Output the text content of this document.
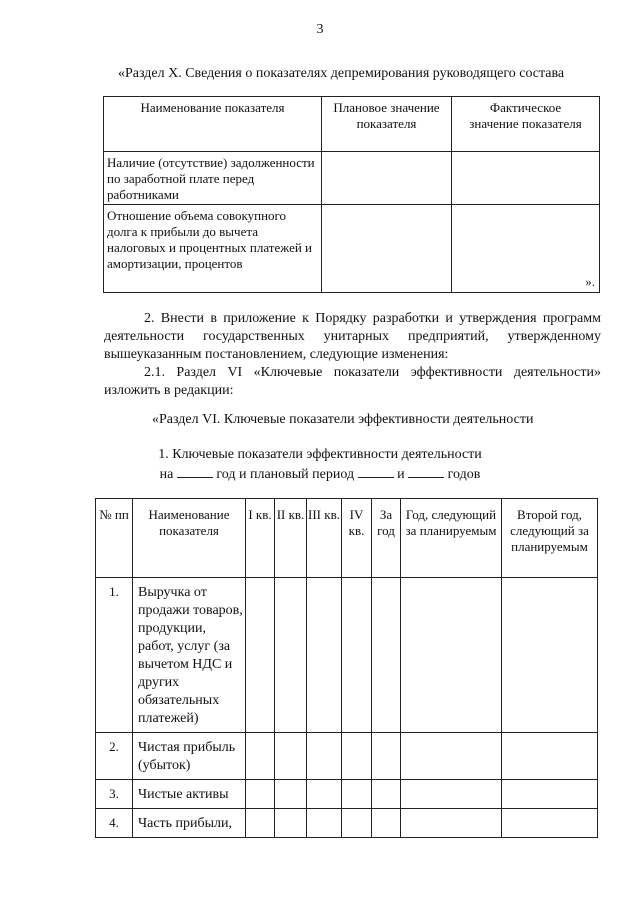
3
«Раздел X. Сведения о показателях депремирования руководящего состава
Наименование показателя	Плановое значение показателя	Фактическое значение показателя
Наличие (отсутствие) задолженности по заработной плате перед работниками		
Отношение объема совокупного долга к прибыли до вычета налоговых и процентных платежей и амортизации, процентов		».

2. Внести в приложение к Порядку разработки и утверждения программ деятельности государственных унитарных предприятий, утвержденному вышеуказанным постановлением, следующие изменения:

2.1. Раздел VI «Ключевые показатели эффективности деятельности» изложить в редакции:

«Раздел VI. Ключевые показатели эффективности деятельности
1. Ключевые показатели эффективности деятельности
на	год и плановый период	и	годов
№ пп	Наименование показателя	I кв.	II кв.	III кв.	IV кв.	За год	Год, следующий за планируемым	Второй год, следующий за планируемым
1.	Выручка от продажи товаров, продукции, работ, услуг (за вычетом НДС и других обязательных платежей)							
2.	Чистая прибыль (убыток)							
3.	Чистые активы							
4.	Часть прибыли,							
